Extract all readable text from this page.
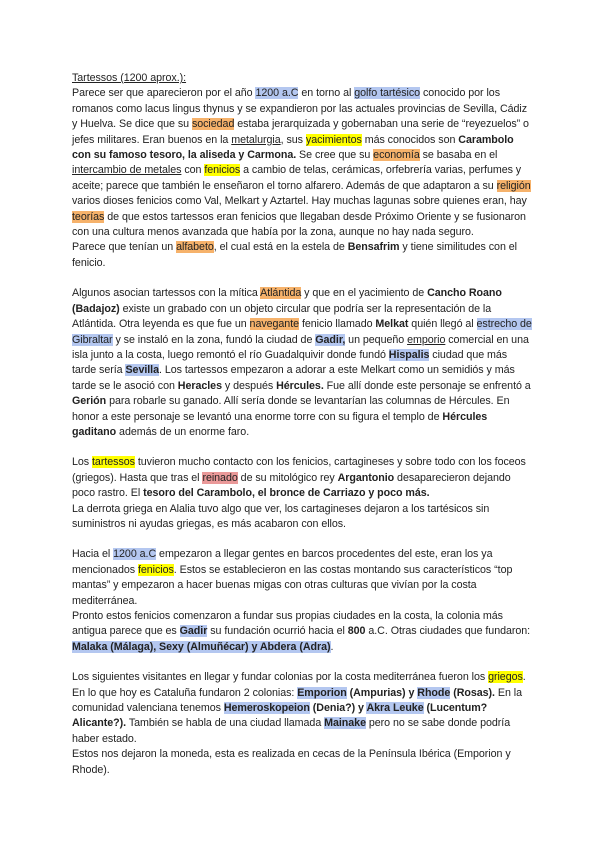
Tartessos (1200 aprox.):

Parece ser que aparecieron por el año 1200 a.C en torno al golfo tartésico conocido por los romanos como lacus lingus thynus y se expandieron por las actuales provincias de Sevilla, Cádiz y Huelva. Se dice que su sociedad estaba jerarquizada y gobernaban una serie de “reyezuelos” o jefes militares. Eran buenos en la metalurgia, sus yacimientos más conocidos son Carambolo con su famoso tesoro, la aliseda y Carmona. Se cree que su economía se basaba en el intercambio de metales con fenicios a cambio de telas, cerámicas, orfebrería varias, perfumes y aceite; parece que también le enseñaron el torno alfarero. Además de que adaptaron a su religión varios dioses fenicios como Val, Melkart y Aztartel. Hay muchas lagunas sobre quienes eran, hay teorías de que estos tartessos eran fenicios que llegaban desde Próximo Oriente y se fusionaron con una cultura menos avanzada que había por la zona, aunque no hay nada seguro.

Parece que tenían un alfabeto, el cual está en la estela de Bensafrim y tiene similitudes con el fenicio.

Algunos asocian tartessos con la mítica Atlántida y que en el yacimiento de Cancho Roano (Badajoz) existe un grabado con un objeto circular que podría ser la representación de la Atlántida. Otra leyenda es que fue un navegante fenicio llamado Melkat quién llegó al estrecho de Gibraltar y se instaló en la zona, fundó la ciudad de Gadir, un pequeño emporio comercial en una isla junto a la costa, luego remontó el río Guadalquivir donde fundó Hispalis ciudad que más tarde sería Sevilla. Los tartessos empezaron a adorar a este Melkart como un semidiós y más tarde se le asoció con Heracles y después Hércules. Fue allí donde este personaje se enfrentó a Gerión para robarle su ganado. Allí sería donde se levantarían las columnas de Hércules. En honor a este personaje se levantó una enorme torre con su figura el templo de Hércules gaditano además de un enorme faro.

Los tartessos tuvieron mucho contacto con los fenicios, cartagineses y sobre todo con los foceos (griegos). Hasta que tras el reinado de su mitológico rey Argantonio desaparecieron dejando poco rastro. El tesoro del Carambolo, el bronce de Carriazo y poco más.

La derrota griega en Alalia tuvo algo que ver, los cartagineses dejaron a los tartésicos sin suministros ni ayudas griegas, es más acabaron con ellos.

Hacia el 1200 a.C empezaron a llegar gentes en barcos procedentes del este, eran los ya mencionados fenicios. Estos se establecieron en las costas montando sus característicos “top mantas” y empezaron a hacer buenas migas con otras culturas que vivían por la costa mediterránea.

Pronto estos fenicios comenzaron a fundar sus propias ciudades en la costa, la colonia más antigua parece que es Gadir su fundación ocurrió hacia el 800 a.C. Otras ciudades que fundaron: Malaka (Málaga), Sexy (Almuñécar) y Abdera (Adra).

Los siguientes visitantes en llegar y fundar colonias por la costa mediterránea fueron los griegos. En lo que hoy es Cataluña fundaron 2 colonias: Emporion (Ampurias) y Rhode (Rosas). En la comunidad valenciana tenemos Hemeroskopeion (Denia?) y Akra Leuke (Lucentum? Alicante?). También se habla de una ciudad llamada Mainake pero no se sabe donde podría haber estado.

Estos nos dejaron la moneda, esta es realizada en cecas de la Península Ibérica (Emporion y Rhode).
